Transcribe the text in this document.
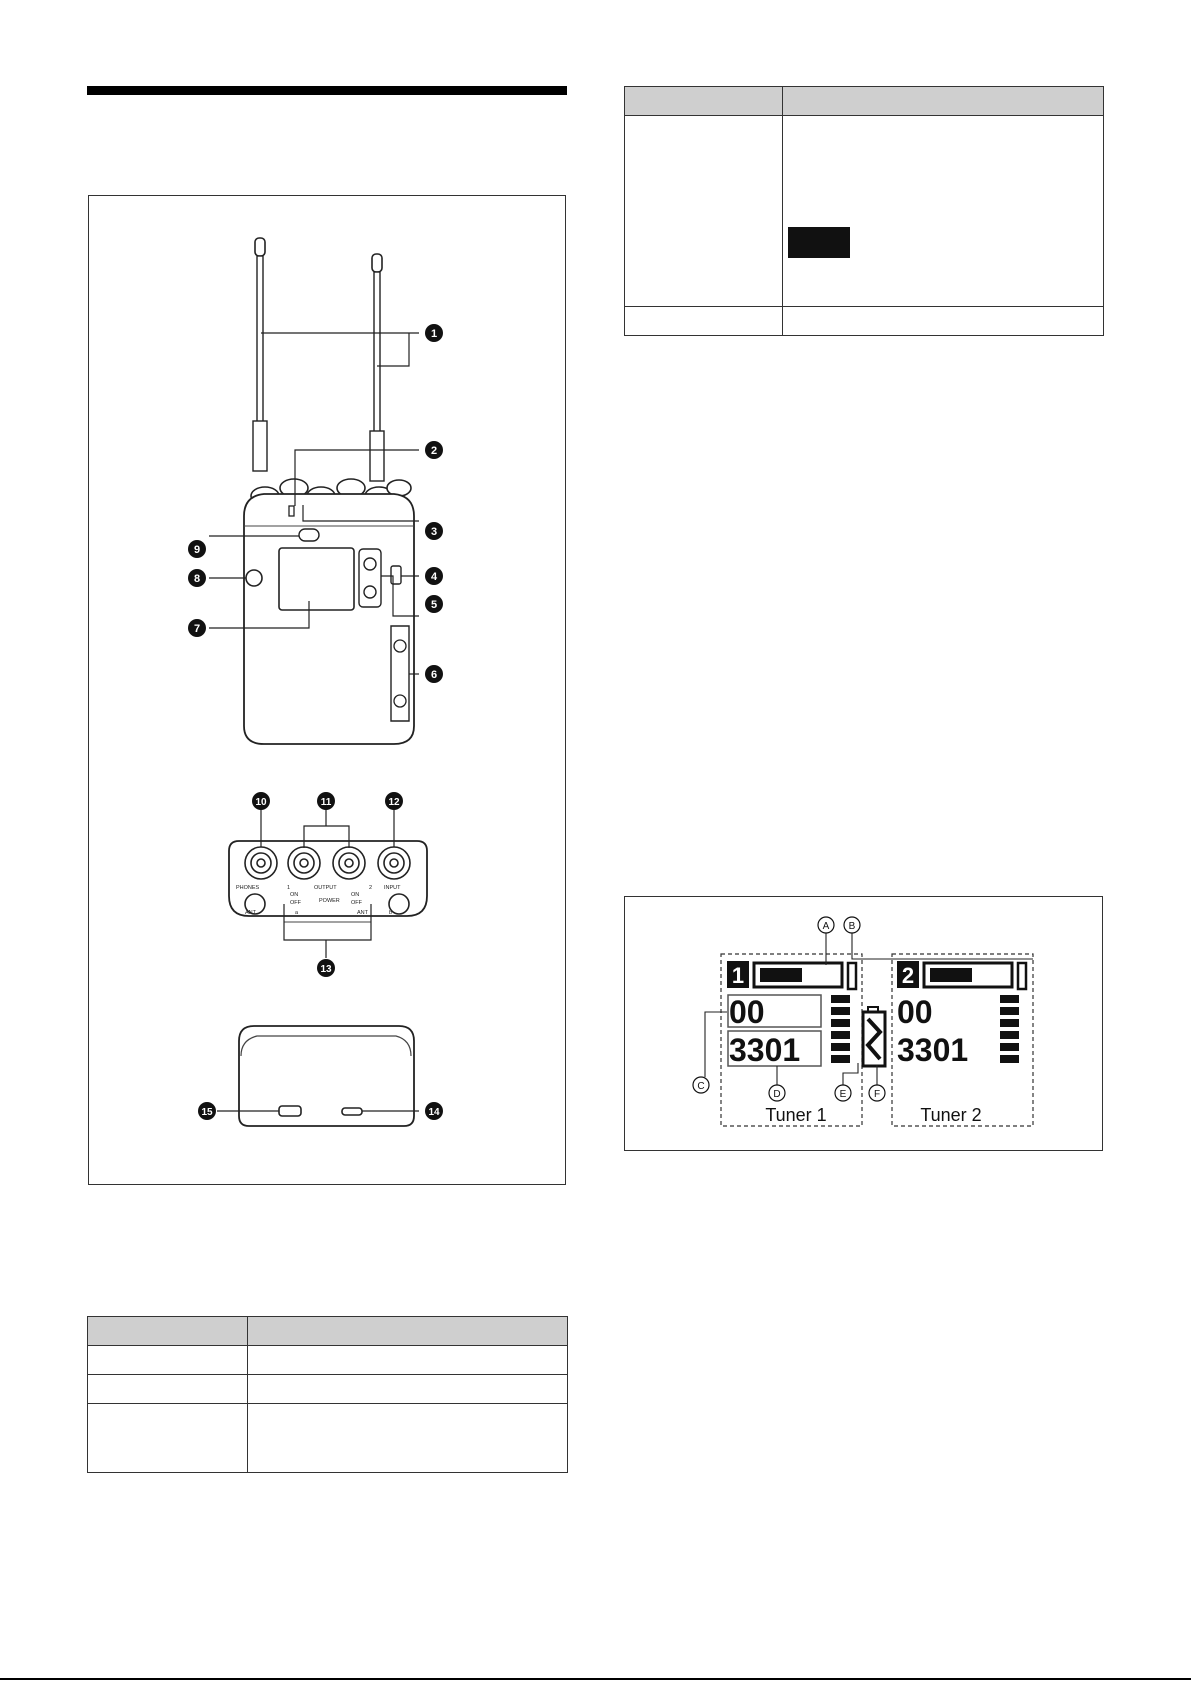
1
2
3
4
5
6
7
8
9
PHONES	OUTPUT	INPUT
POWER
1	2
ON
OFF
ON
OFF
ANT	ANT
a	b
10	11	12
13
15	14

1
00
3301
Tuner 1
2
00
3301
Tuner 2
A B
C
D	E	F
